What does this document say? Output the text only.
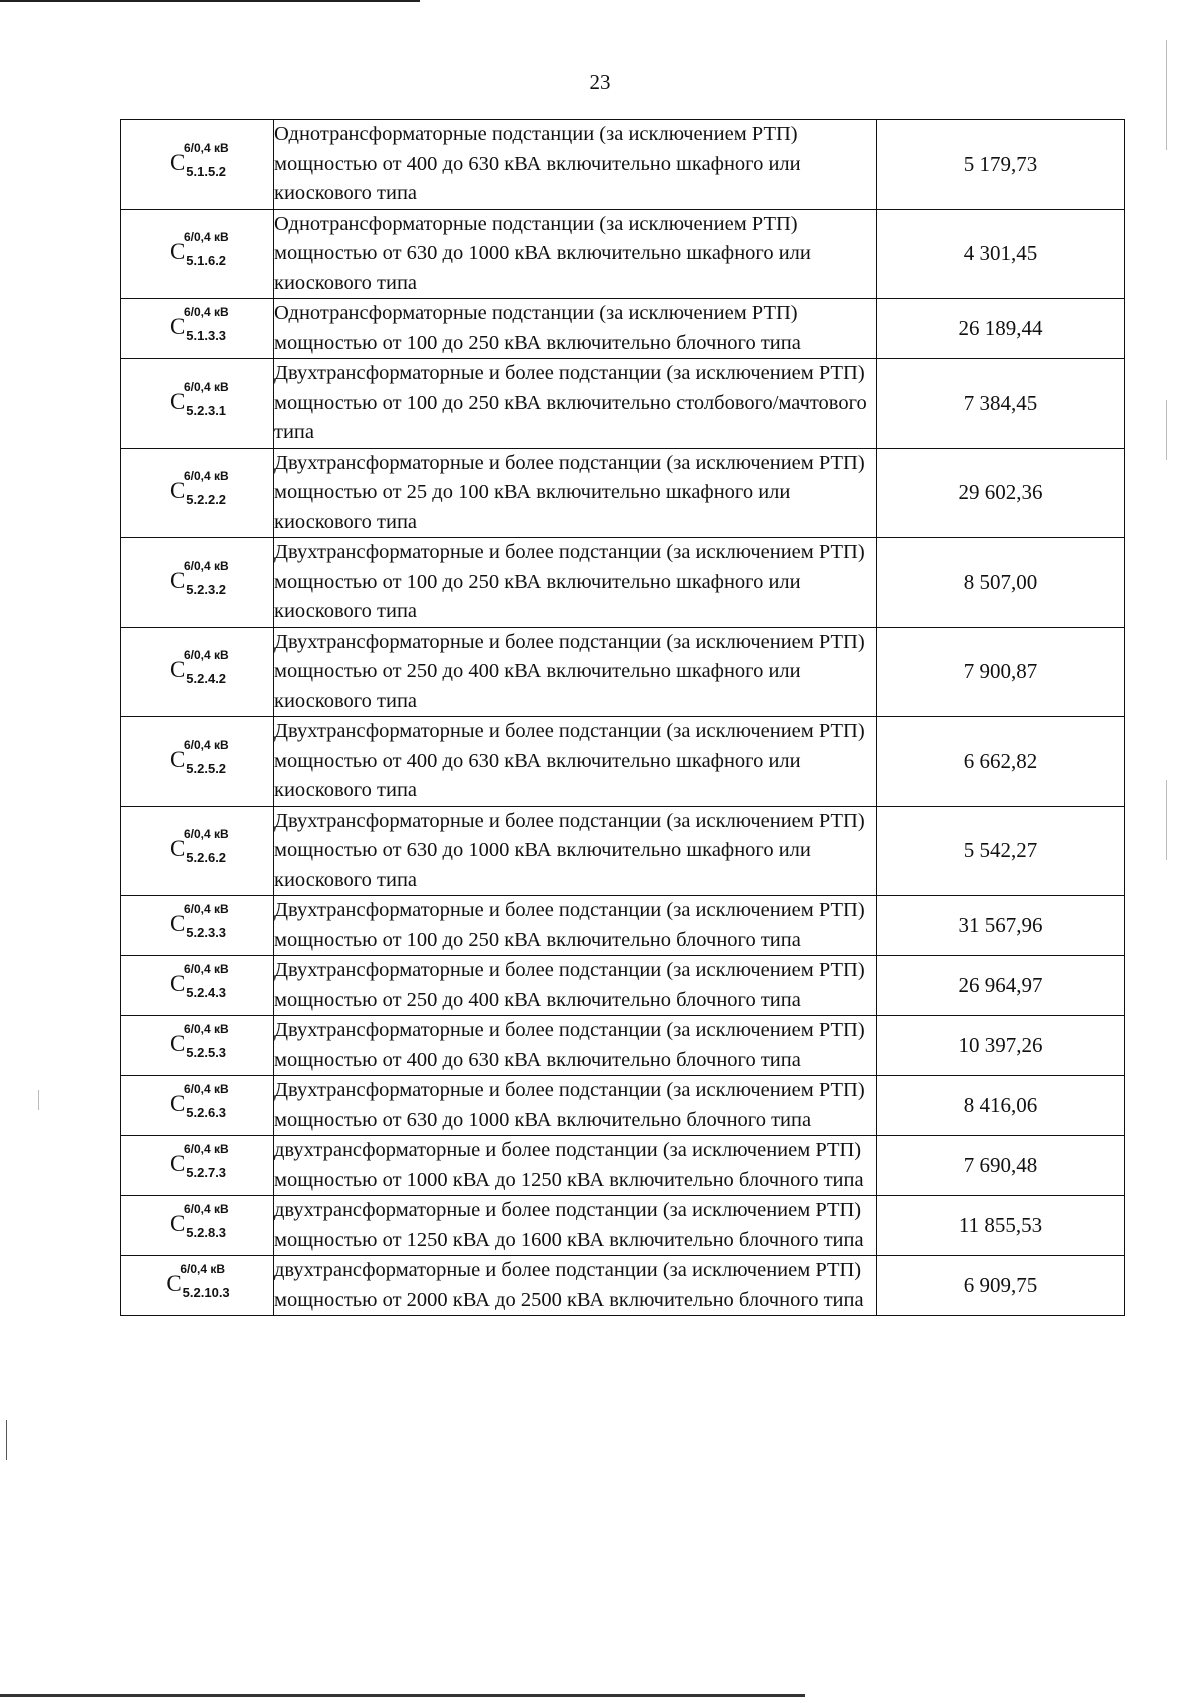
23
C
6/0,4 кВ
5.1.5.2	Однотрансформаторные подстанции (за исключением РТП) мощностью от 400 до 630 кВА включительно шкафного или киоскового типа	5 179,73
C
6/0,4 кВ
5.1.6.2	Однотрансформаторные подстанции (за исключением РТП) мощностью от 630 до 1000 кВА включительно шкафного или киоскового типа	4 301,45
C
6/0,4 кВ
5.1.3.3	Однотрансформаторные подстанции (за исключением РТП) мощностью от 100 до 250 кВА включительно блочного типа	26 189,44
C
6/0,4 кВ
5.2.3.1	Двухтрансформаторные и более подстанции (за исключением РТП) мощностью от 100 до 250 кВА включительно столбового/мачтового типа	7 384,45
C
6/0,4 кВ
5.2.2.2	Двухтрансформаторные и более подстанции (за исключением РТП) мощностью от 25 до 100 кВА включительно шкафного или киоскового типа	29 602,36
C
6/0,4 кВ
5.2.3.2	Двухтрансформаторные и более подстанции (за исключением РТП) мощностью от 100 до 250 кВА включительно шкафного или киоскового типа	8 507,00
C
6/0,4 кВ
5.2.4.2	Двухтрансформаторные и более подстанции (за исключением РТП) мощностью от 250 до 400 кВА включительно шкафного или киоскового типа	7 900,87
C
6/0,4 кВ
5.2.5.2	Двухтрансформаторные и более подстанции (за исключением РТП) мощностью от 400 до 630 кВА включительно шкафного или киоскового типа	6 662,82
C
6/0,4 кВ
5.2.6.2	Двухтрансформаторные и более подстанции (за исключением РТП) мощностью от 630 до 1000 кВА включительно шкафного или киоскового типа	5 542,27
C
6/0,4 кВ
5.2.3.3	Двухтрансформаторные и более подстанции (за исключением РТП) мощностью от 100 до 250 кВА включительно блочного типа	31 567,96
C
6/0,4 кВ
5.2.4.3	Двухтрансформаторные и более подстанции (за исключением РТП) мощностью от 250 до 400 кВА включительно блочного типа	26 964,97
C
6/0,4 кВ
5.2.5.3	Двухтрансформаторные и более подстанции (за исключением РТП) мощностью от 400 до 630 кВА включительно блочного типа	10 397,26
C
6/0,4 кВ
5.2.6.3	Двухтрансформаторные и более подстанции (за исключением РТП) мощностью от 630 до 1000 кВА включительно блочного типа	8 416,06
C
6/0,4 кВ
5.2.7.3	двухтрансформаторные и более подстанции (за исключением РТП) мощностью от 1000 кВА до 1250 кВА включительно блочного типа	7 690,48
C
6/0,4 кВ
5.2.8.3	двухтрансформаторные и более подстанции (за исключением РТП) мощностью от 1250 кВА до 1600 кВА включительно блочного типа	11 855,53
C
6/0,4 кВ
5.2.10.3	двухтрансформаторные и более подстанции (за исключением РТП) мощностью от 2000 кВА до 2500 кВА включительно блочного типа	6 909,75
